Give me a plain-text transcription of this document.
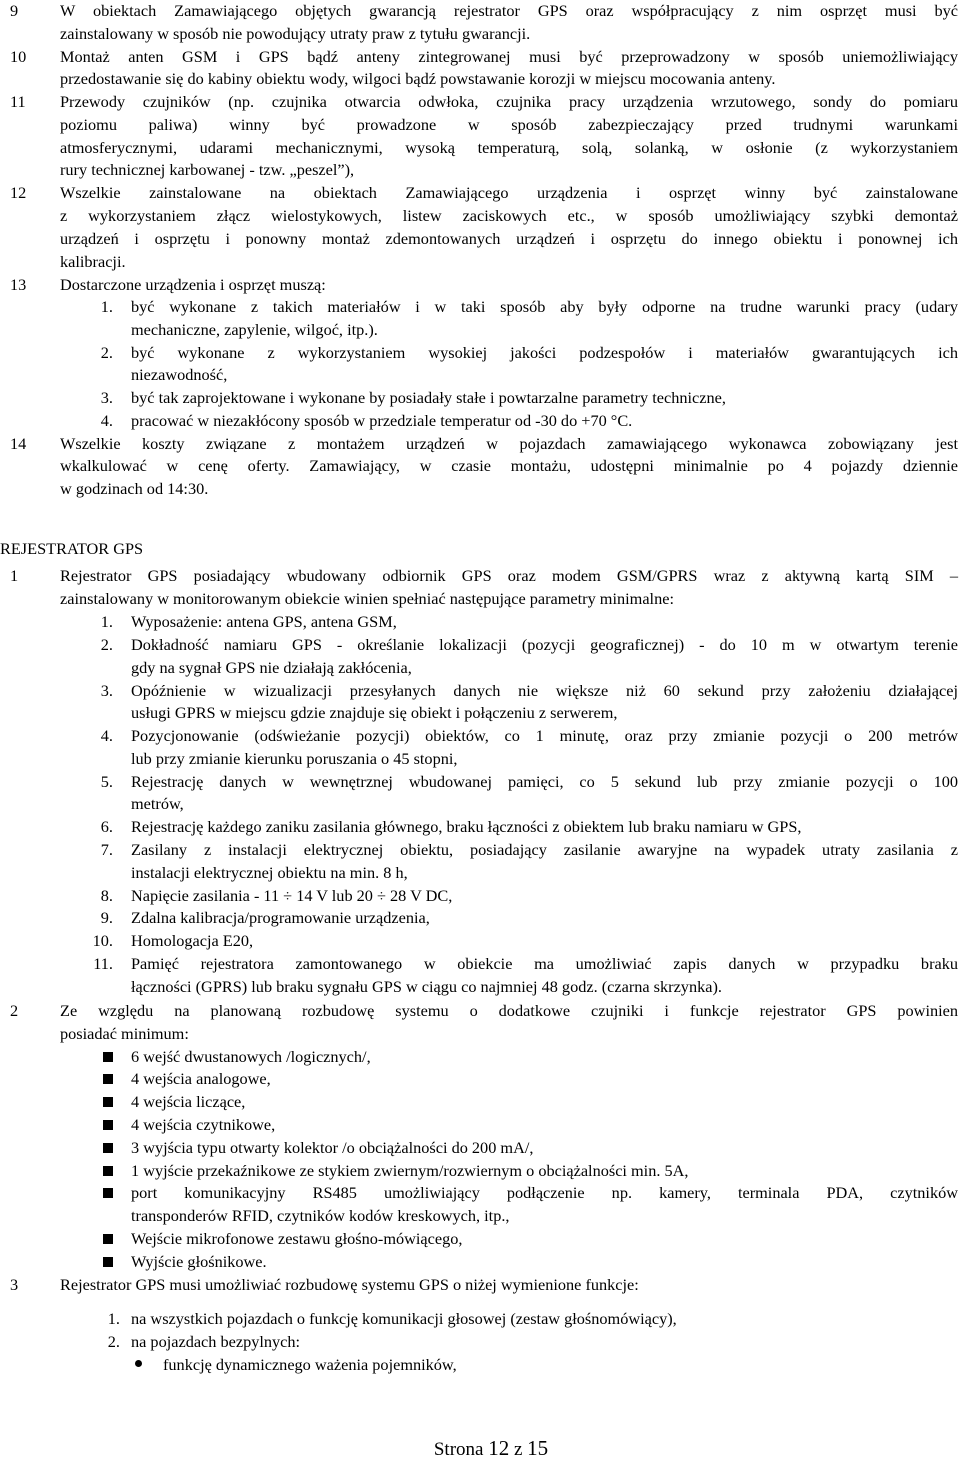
9	W obiektach Zamawiającego objętych gwarancją rejestrator GPS oraz współpracujący z nim osprzęt musi być
zainstalowany w sposób nie powodujący utraty praw z tytułu gwarancji.
10	Montaż anten GSM i GPS bądź anteny zintegrowanej musi być przeprowadzony w sposób uniemożliwiający
przedostawanie się do kabiny obiektu wody, wilgoci bądź powstawanie korozji w miejscu mocowania anteny.
11	Przewody czujników (np. czujnika otwarcia odwłoka, czujnika pracy urządzenia wrzutowego, sondy do pomiaru
poziomu paliwa) winny być prowadzone w sposób zabezpieczający przed trudnymi warunkami
atmosferycznymi, udarami mechanicznymi, wysoką temperaturą, solą, solanką, w osłonie (z wykorzystaniem
rury technicznej karbowanej - tzw. „peszel”),
12	Wszelkie zainstalowane na obiektach Zamawiającego urządzenia i osprzęt winny być zainstalowane
z wykorzystaniem złącz wielostykowych, listew zaciskowych etc., w sposób umożliwiający szybki demontaż
urządzeń i osprzętu i ponowny montaż zdemontowanych urządzeń i osprzętu do innego obiektu i ponownej ich
kalibracji.
13	Dostarczone urządzenia i osprzęt muszą:
1. być wykonane z takich materiałów i w taki sposób aby były odporne na trudne warunki pracy (udary
mechaniczne, zapylenie, wilgoć, itp.).
2. być wykonane z wykorzystaniem wysokiej jakości podzespołów i materiałów gwarantujących ich
niezawodność,
3. być tak zaprojektowane i wykonane by posiadały stałe i powtarzalne parametry techniczne,
4. pracować w niezakłócony sposób w przedziale temperatur od -30 do +70 °C.
14	Wszelkie koszty związane z montażem urządzeń w pojazdach zamawiającego wykonawca zobowiązany jest
wkalkulować w cenę oferty. Zamawiający, w czasie montażu, udostępni minimalnie po 4 pojazdy dziennie
w godzinach od 14:30.
REJESTRATOR GPS
1	Rejestrator GPS posiadający wbudowany odbiornik GPS oraz modem GSM/GPRS wraz z aktywną kartą SIM –
zainstalowany w monitorowanym obiekcie winien spełniać następujące parametry minimalne:
1. Wyposażenie: antena GPS, antena GSM,
2. Dokładność namiaru GPS - określanie lokalizacji (pozycji geograficznej) - do 10 m w otwartym terenie
gdy na sygnał GPS nie działają zakłócenia,
3. Opóźnienie w wizualizacji przesyłanych danych nie większe niż 60 sekund przy założeniu działającej
usługi GPRS w miejscu gdzie znajduje się obiekt i połączeniu z serwerem,
4. Pozycjonowanie (odświeżanie pozycji) obiektów, co 1 minutę, oraz przy zmianie pozycji o 200 metrów
lub przy zmianie kierunku poruszania o 45 stopni,
5. Rejestrację danych w wewnętrznej wbudowanej pamięci, co 5 sekund lub przy zmianie pozycji o 100
metrów,
6. Rejestrację każdego zaniku zasilania głównego, braku łączności z obiektem lub braku namiaru w GPS,
7. Zasilany z instalacji elektrycznej obiektu, posiadający zasilanie awaryjne na wypadek utraty zasilania z
instalacji elektrycznej obiektu na min. 8 h,
8. Napięcie zasilania - 11 ÷ 14 V lub 20 ÷ 28 V DC,
9. Zdalna kalibracja/programowanie urządzenia,
10. Homologacja E20,
11. Pamięć rejestratora zamontowanego w obiekcie ma umożliwiać zapis danych w przypadku braku
łączności (GPRS) lub braku sygnału GPS w ciągu co najmniej 48 godz. (czarna skrzynka).
2	Ze względu na planowaną rozbudowę systemu o dodatkowe czujniki i funkcje rejestrator GPS powinien
posiadać minimum:
6 wejść dwustanowych /logicznych/,
4 wejścia analogowe,
4 wejścia liczące,
4 wejścia czytnikowe,
3 wyjścia typu otwarty kolektor /o obciążalności do 200 mA/,
1 wyjście przekaźnikowe ze stykiem zwiernym/rozwiernym o obciążalności min. 5A,
port komunikacyjny RS485 umożliwiający podłączenie np. kamery, terminala PDA, czytników
transponderów RFID, czytników kodów kreskowych, itp.,
Wejście mikrofonowe zestawu głośno-mówiącego,
Wyjście głośnikowe.
3	Rejestrator GPS musi umożliwiać rozbudowę systemu GPS o niżej wymienione funkcje:
1. na wszystkich pojazdach o funkcję komunikacji głosowej (zestaw głośnomówiący),
2. na pojazdach bezpylnych:
funkcję dynamicznego ważenia pojemników,
Strona 12 z 15
